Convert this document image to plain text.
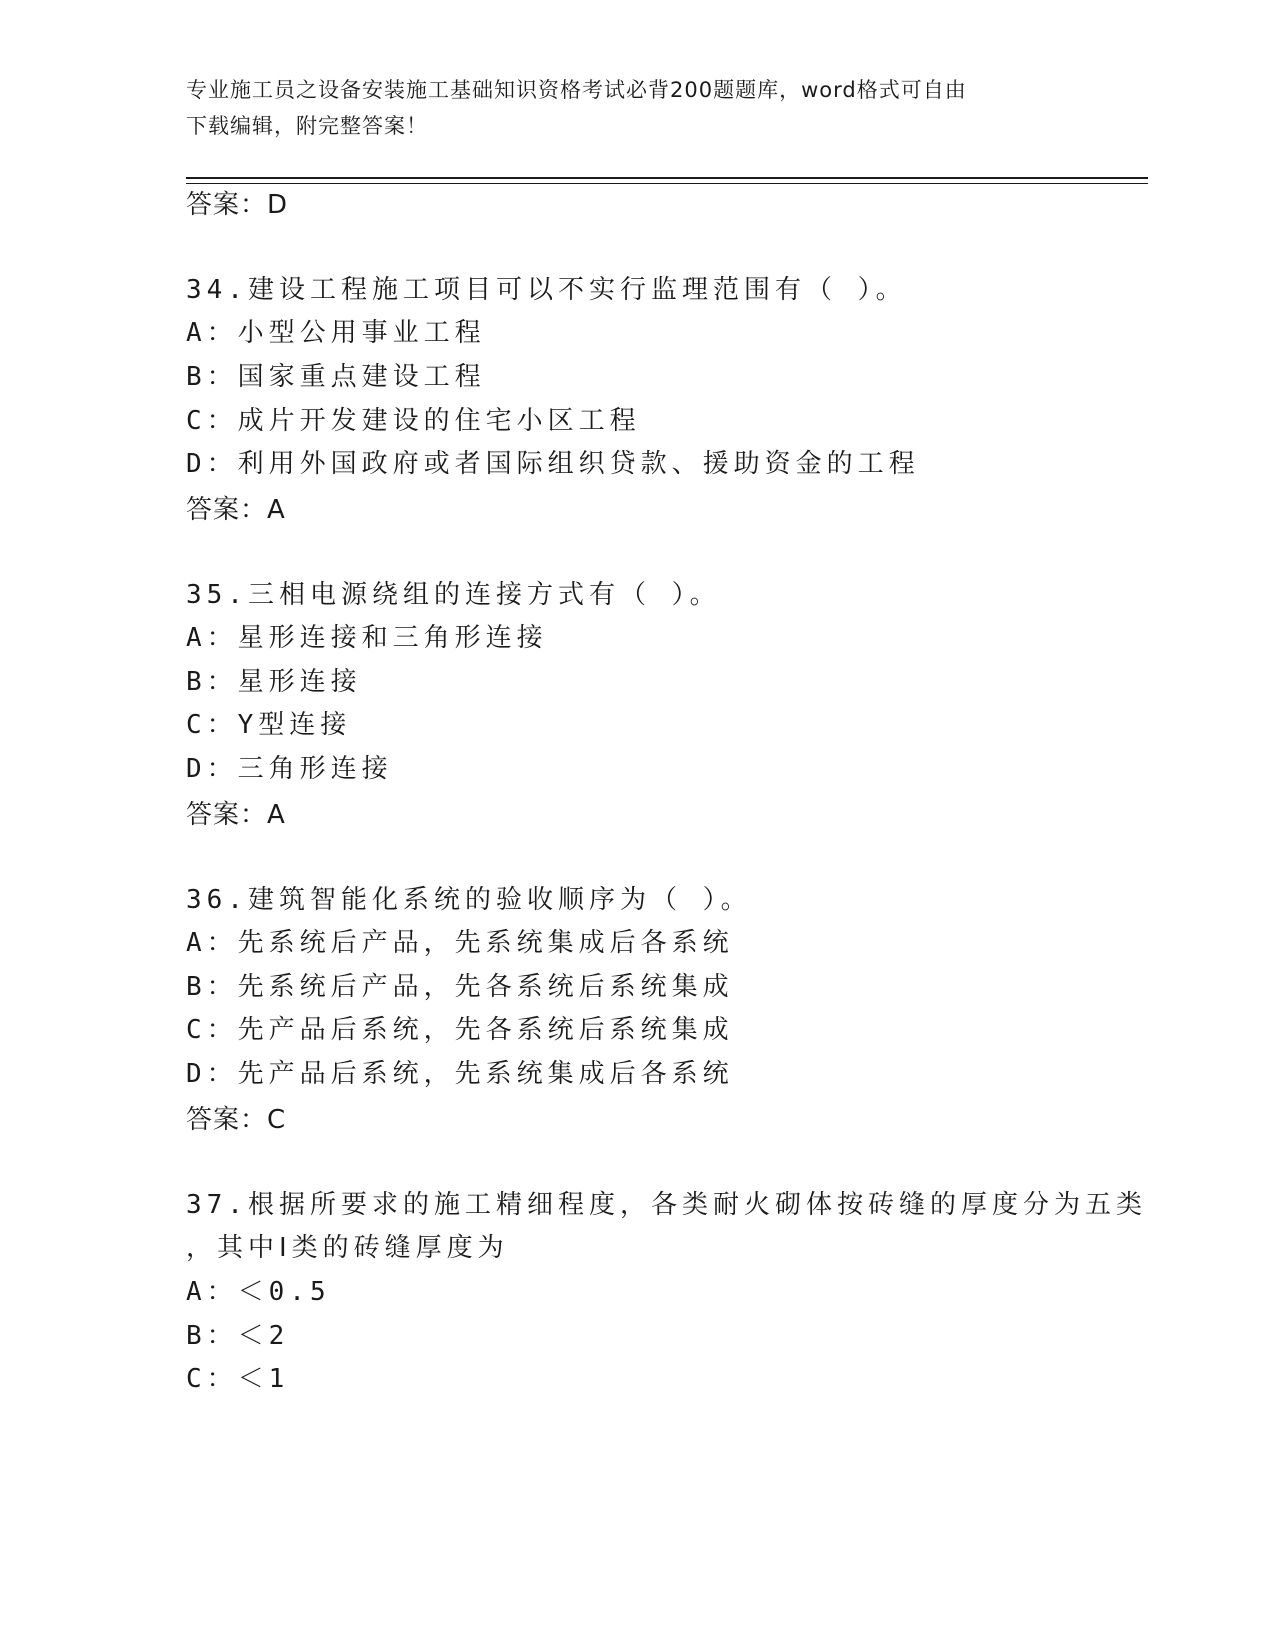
专业施工员之设备安装施工基础知识资格考试必背200题题库，word格式可自由
下载编辑，附完整答案！
答案：D
34.建设工程施工项目可以不实行监理范围有（ ）。
A：小型公用事业工程
B：国家重点建设工程
C：成片开发建设的住宅小区工程
D：利用外国政府或者国际组织贷款、援助资金的工程
答案：A
35.三相电源绕组的连接方式有（ ）。
A：星形连接和三角形连接
B：星形连接
C：Y型连接
D：三角形连接
答案：A
36.建筑智能化系统的验收顺序为（ ）。
A：先系统后产品，先系统集成后各系统
B：先系统后产品，先各系统后系统集成
C：先产品后系统，先各系统后系统集成
D：先产品后系统，先系统集成后各系统
答案：C
37.根据所要求的施工精细程度，各类耐火砌体按砖缝的厚度分为五类
，其中Ⅰ类的砖缝厚度为
A：＜0.5
B：＜2
C：＜1
